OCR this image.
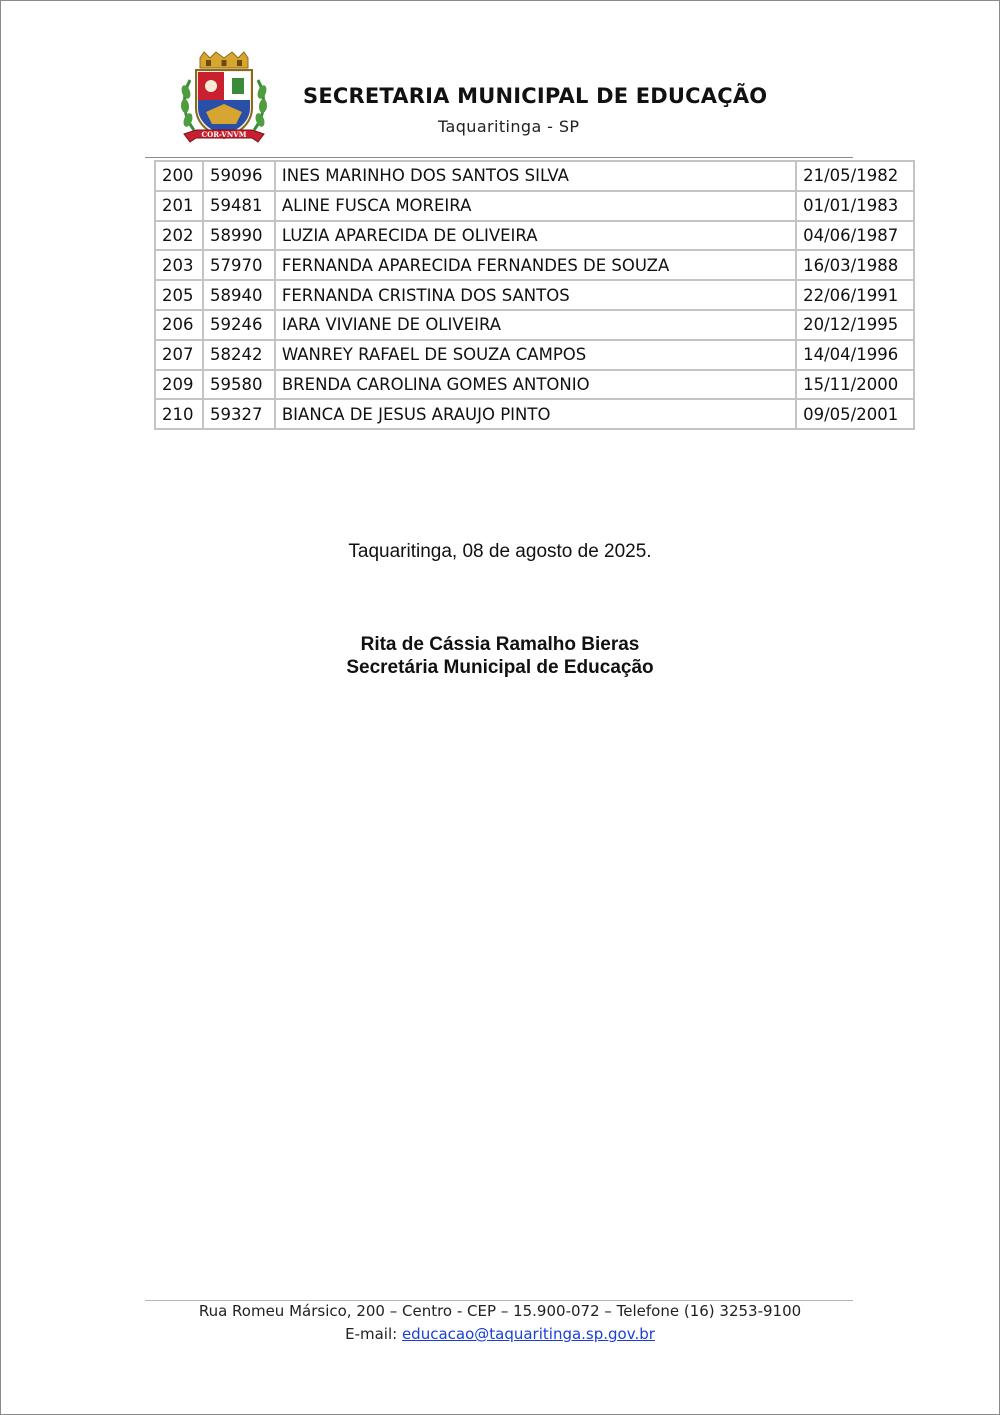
COR-VNVM
SECRETARIA MUNICIPAL DE EDUCAÇÃO
Taquaritinga - SP
200	59096	INES MARINHO DOS SANTOS SILVA	21/05/1982
201	59481	ALINE FUSCA MOREIRA	01/01/1983
202	58990	LUZIA APARECIDA DE OLIVEIRA	04/06/1987
203	57970	FERNANDA APARECIDA FERNANDES DE SOUZA	16/03/1988
205	58940	FERNANDA CRISTINA DOS SANTOS	22/06/1991
206	59246	IARA VIVIANE DE OLIVEIRA	20/12/1995
207	58242	WANREY RAFAEL DE SOUZA CAMPOS	14/04/1996
209	59580	BRENDA CAROLINA GOMES ANTONIO	15/11/2000
210	59327	BIANCA DE JESUS ARAUJO PINTO	09/05/2001
Taquaritinga, 08 de agosto de 2025.
Rita de Cássia Ramalho Bieras
Secretária Municipal de Educação
Rua Romeu Mársico, 200 – Centro - CEP – 15.900-072 – Telefone (16) 3253-9100
E-mail: educacao@taquaritinga.sp.gov.br
